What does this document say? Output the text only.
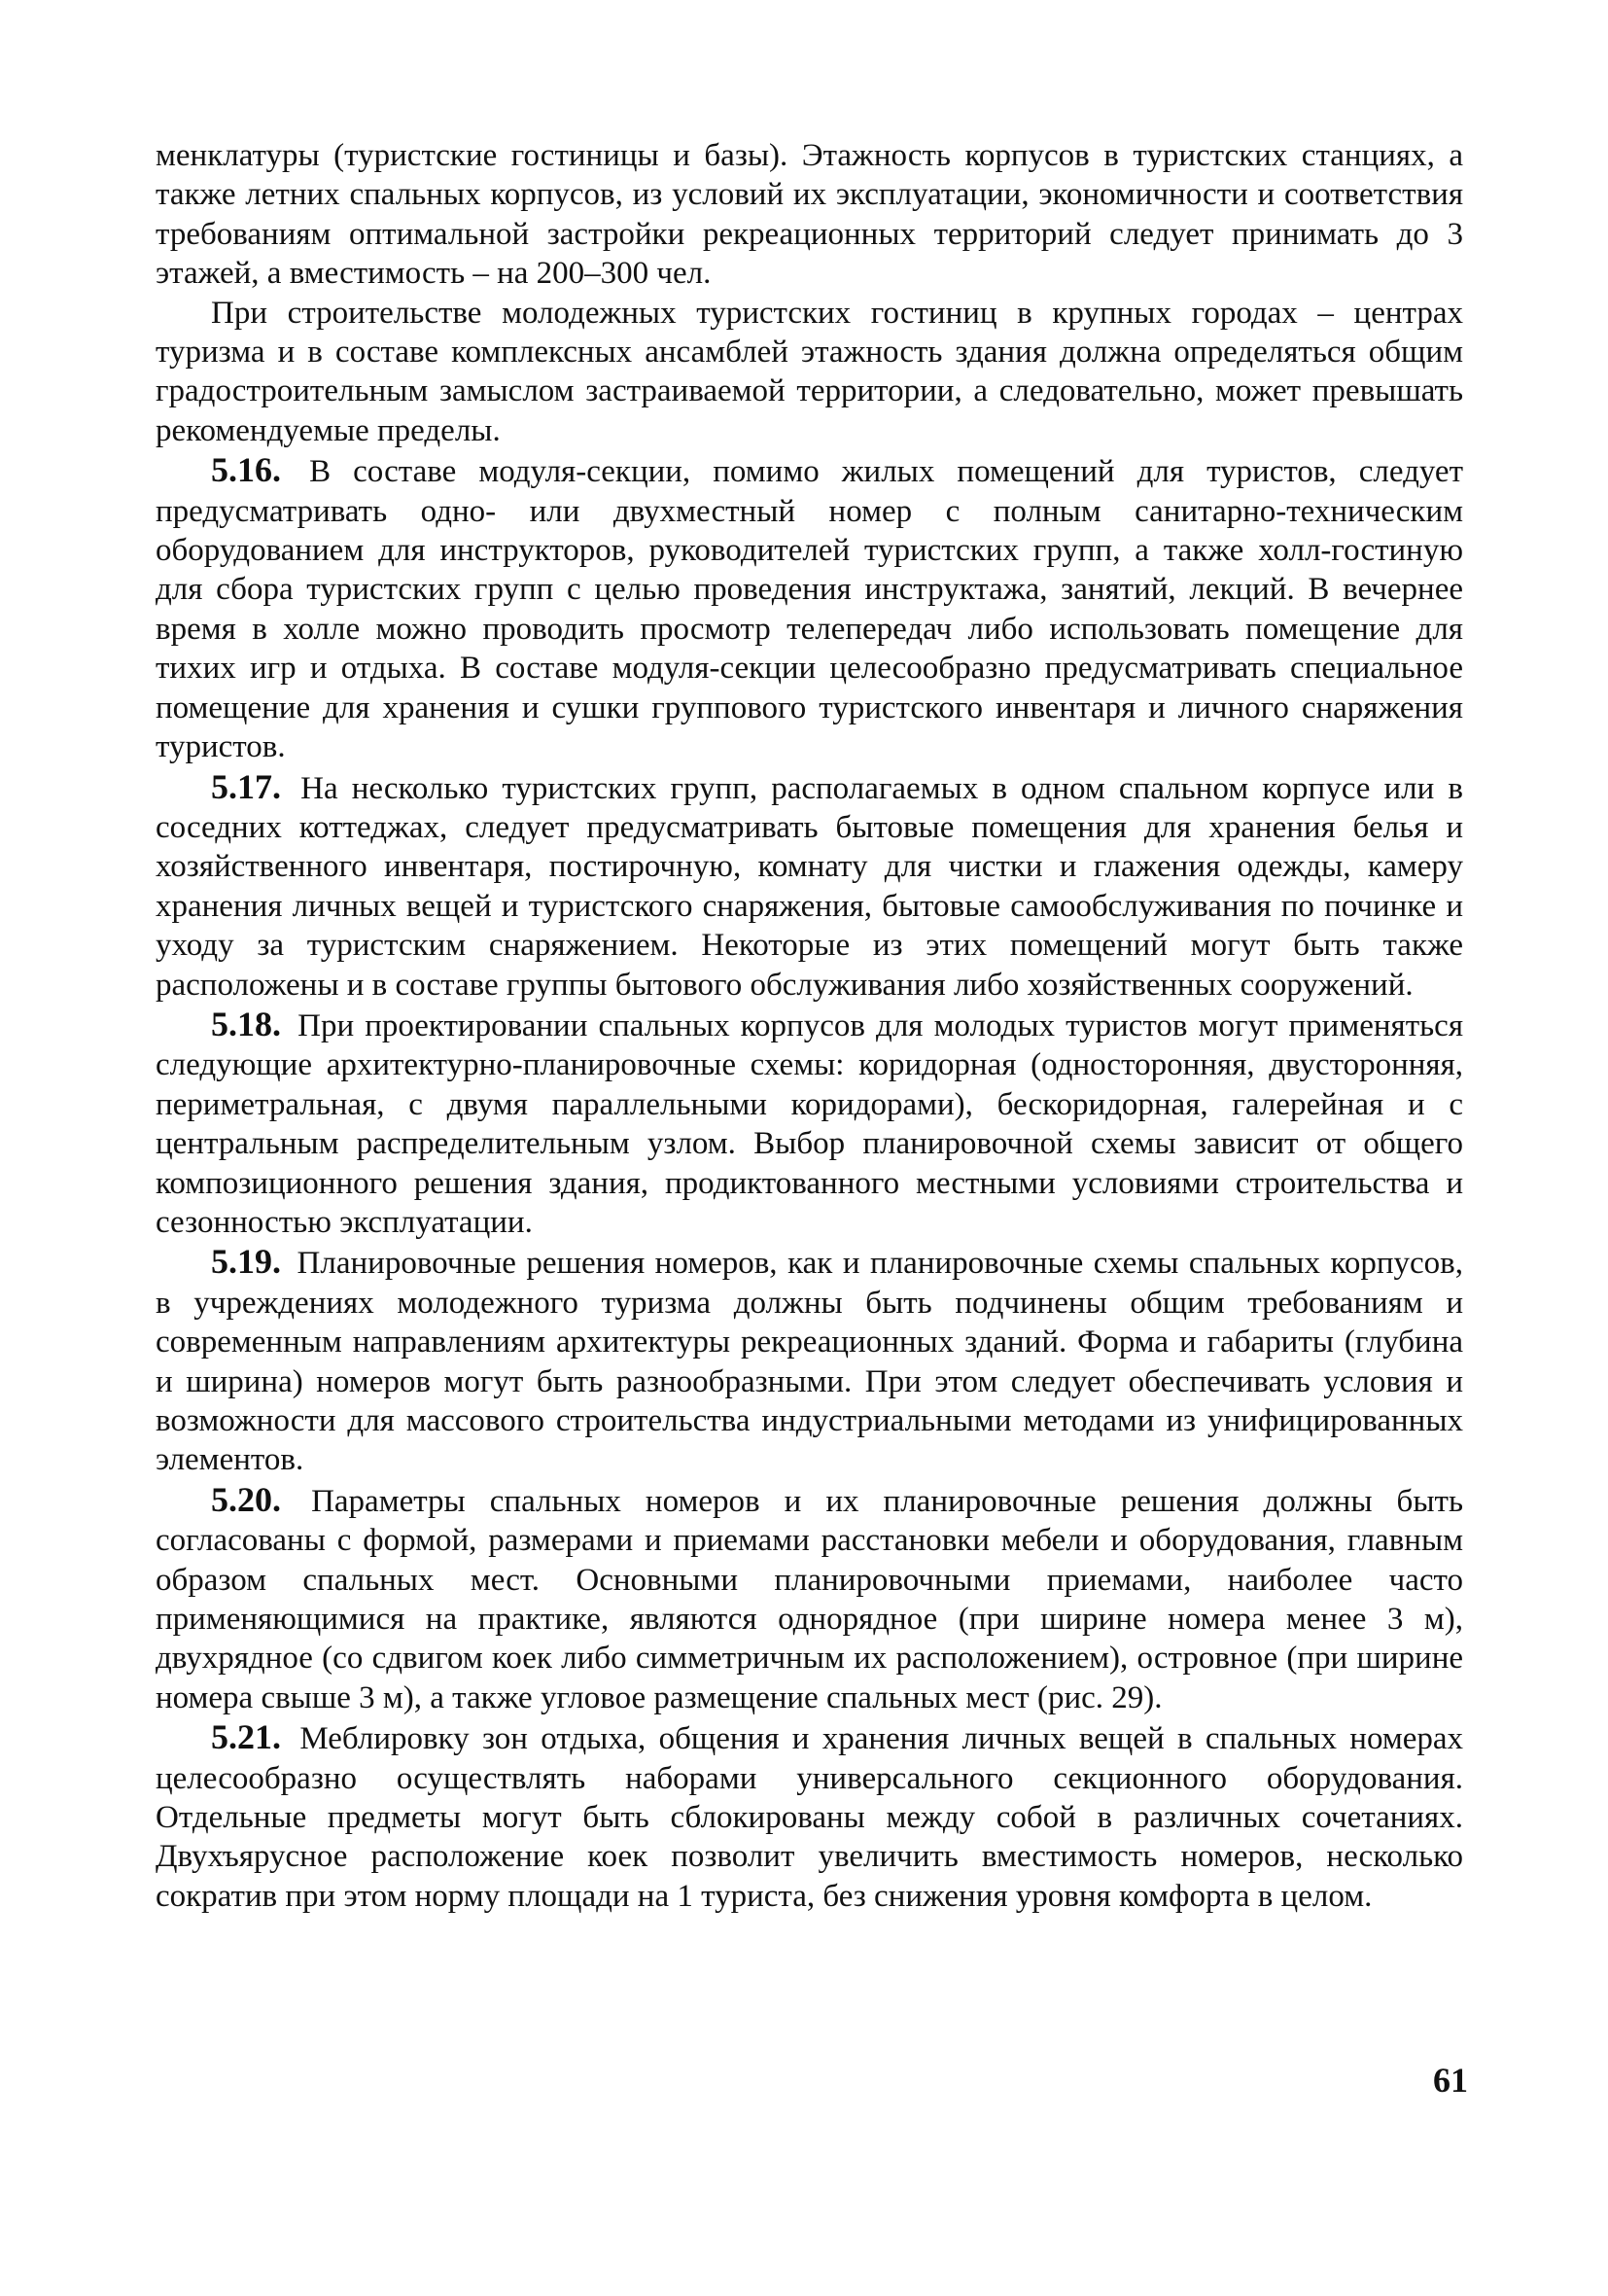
менклатуры (туристские гостиницы и базы). Этажность корпусов в туристских станциях, а также летних спальных корпусов, из условий их эксплуатации, экономичности и соответствия требованиям оптимальной застройки рекреационных территорий следует принимать до 3 этажей, а вместимость – на 200–300 чел.

При строительстве молодежных туристских гостиниц в крупных городах – центрах туризма и в составе комплексных ансамблей этажность здания должна определяться общим градостроительным замыслом застраиваемой территории, а следовательно, может превышать рекомендуемые пределы.

5.16. В составе модуля-секции, помимо жилых помещений для туристов, следует предусматривать одно- или двухместный номер с полным санитарно-техническим оборудованием для инструкторов, руководителей туристских групп, а также холл-гостиную для сбора туристских групп с целью проведения инструктажа, занятий, лекций. В вечернее время в холле можно проводить просмотр телепередач либо использовать помещение для тихих игр и отдыха. В составе модуля-секции целесообразно предусматривать специальное помещение для хранения и сушки группового туристского инвентаря и личного снаряжения туристов.

5.17. На несколько туристских групп, располагаемых в одном спальном корпусе или в соседних коттеджах, следует предусматривать бытовые помещения для хранения белья и хозяйственного инвентаря, постирочную, комнату для чистки и глажения одежды, камеру хранения личных вещей и туристского снаряжения, бытовые самообслуживания по починке и уходу за туристским снаряжением. Некоторые из этих помещений могут быть также расположены и в составе группы бытового обслуживания либо хозяйственных сооружений.

5.18. При проектировании спальных корпусов для молодых туристов могут применяться следующие архитектурно-планировочные схемы: коридорная (односторонняя, двусторонняя, периметральная, с двумя параллельными коридорами), бескоридорная, галерейная и с центральным распределительным узлом. Выбор планировочной схемы зависит от общего композиционного решения здания, продиктованного местными условиями строительства и сезонностью эксплуатации.

5.19. Планировочные решения номеров, как и планировочные схемы спальных корпусов, в учреждениях молодежного туризма должны быть подчинены общим требованиям и современным направлениям архитектуры рекреационных зданий. Форма и габариты (глубина и ширина) номеров могут быть разнообразными. При этом следует обеспечивать условия и возможности для массового строительства индустриальными методами из унифицированных элементов.

5.20. Параметры спальных номеров и их планировочные решения должны быть согласованы с формой, размерами и приемами расстановки мебели и оборудования, главным образом спальных мест. Основными планировочными приемами, наиболее часто применяющимися на практике, являются однорядное (при ширине номера менее 3 м), двухрядное (со сдвигом коек либо симметричным их расположением), островное (при ширине номера свыше 3 м), а также угловое размещение спальных мест (рис. 29).

5.21. Меблировку зон отдыха, общения и хранения личных вещей в спальных номерах целесообразно осуществлять наборами универсального секционного оборудования. Отдельные предметы могут быть сблокированы между собой в различных сочетаниях. Двухъярусное расположение коек позволит увеличить вместимость номеров, несколько сократив при этом норму площади на 1 туриста, без снижения уровня комфорта в целом.

61
